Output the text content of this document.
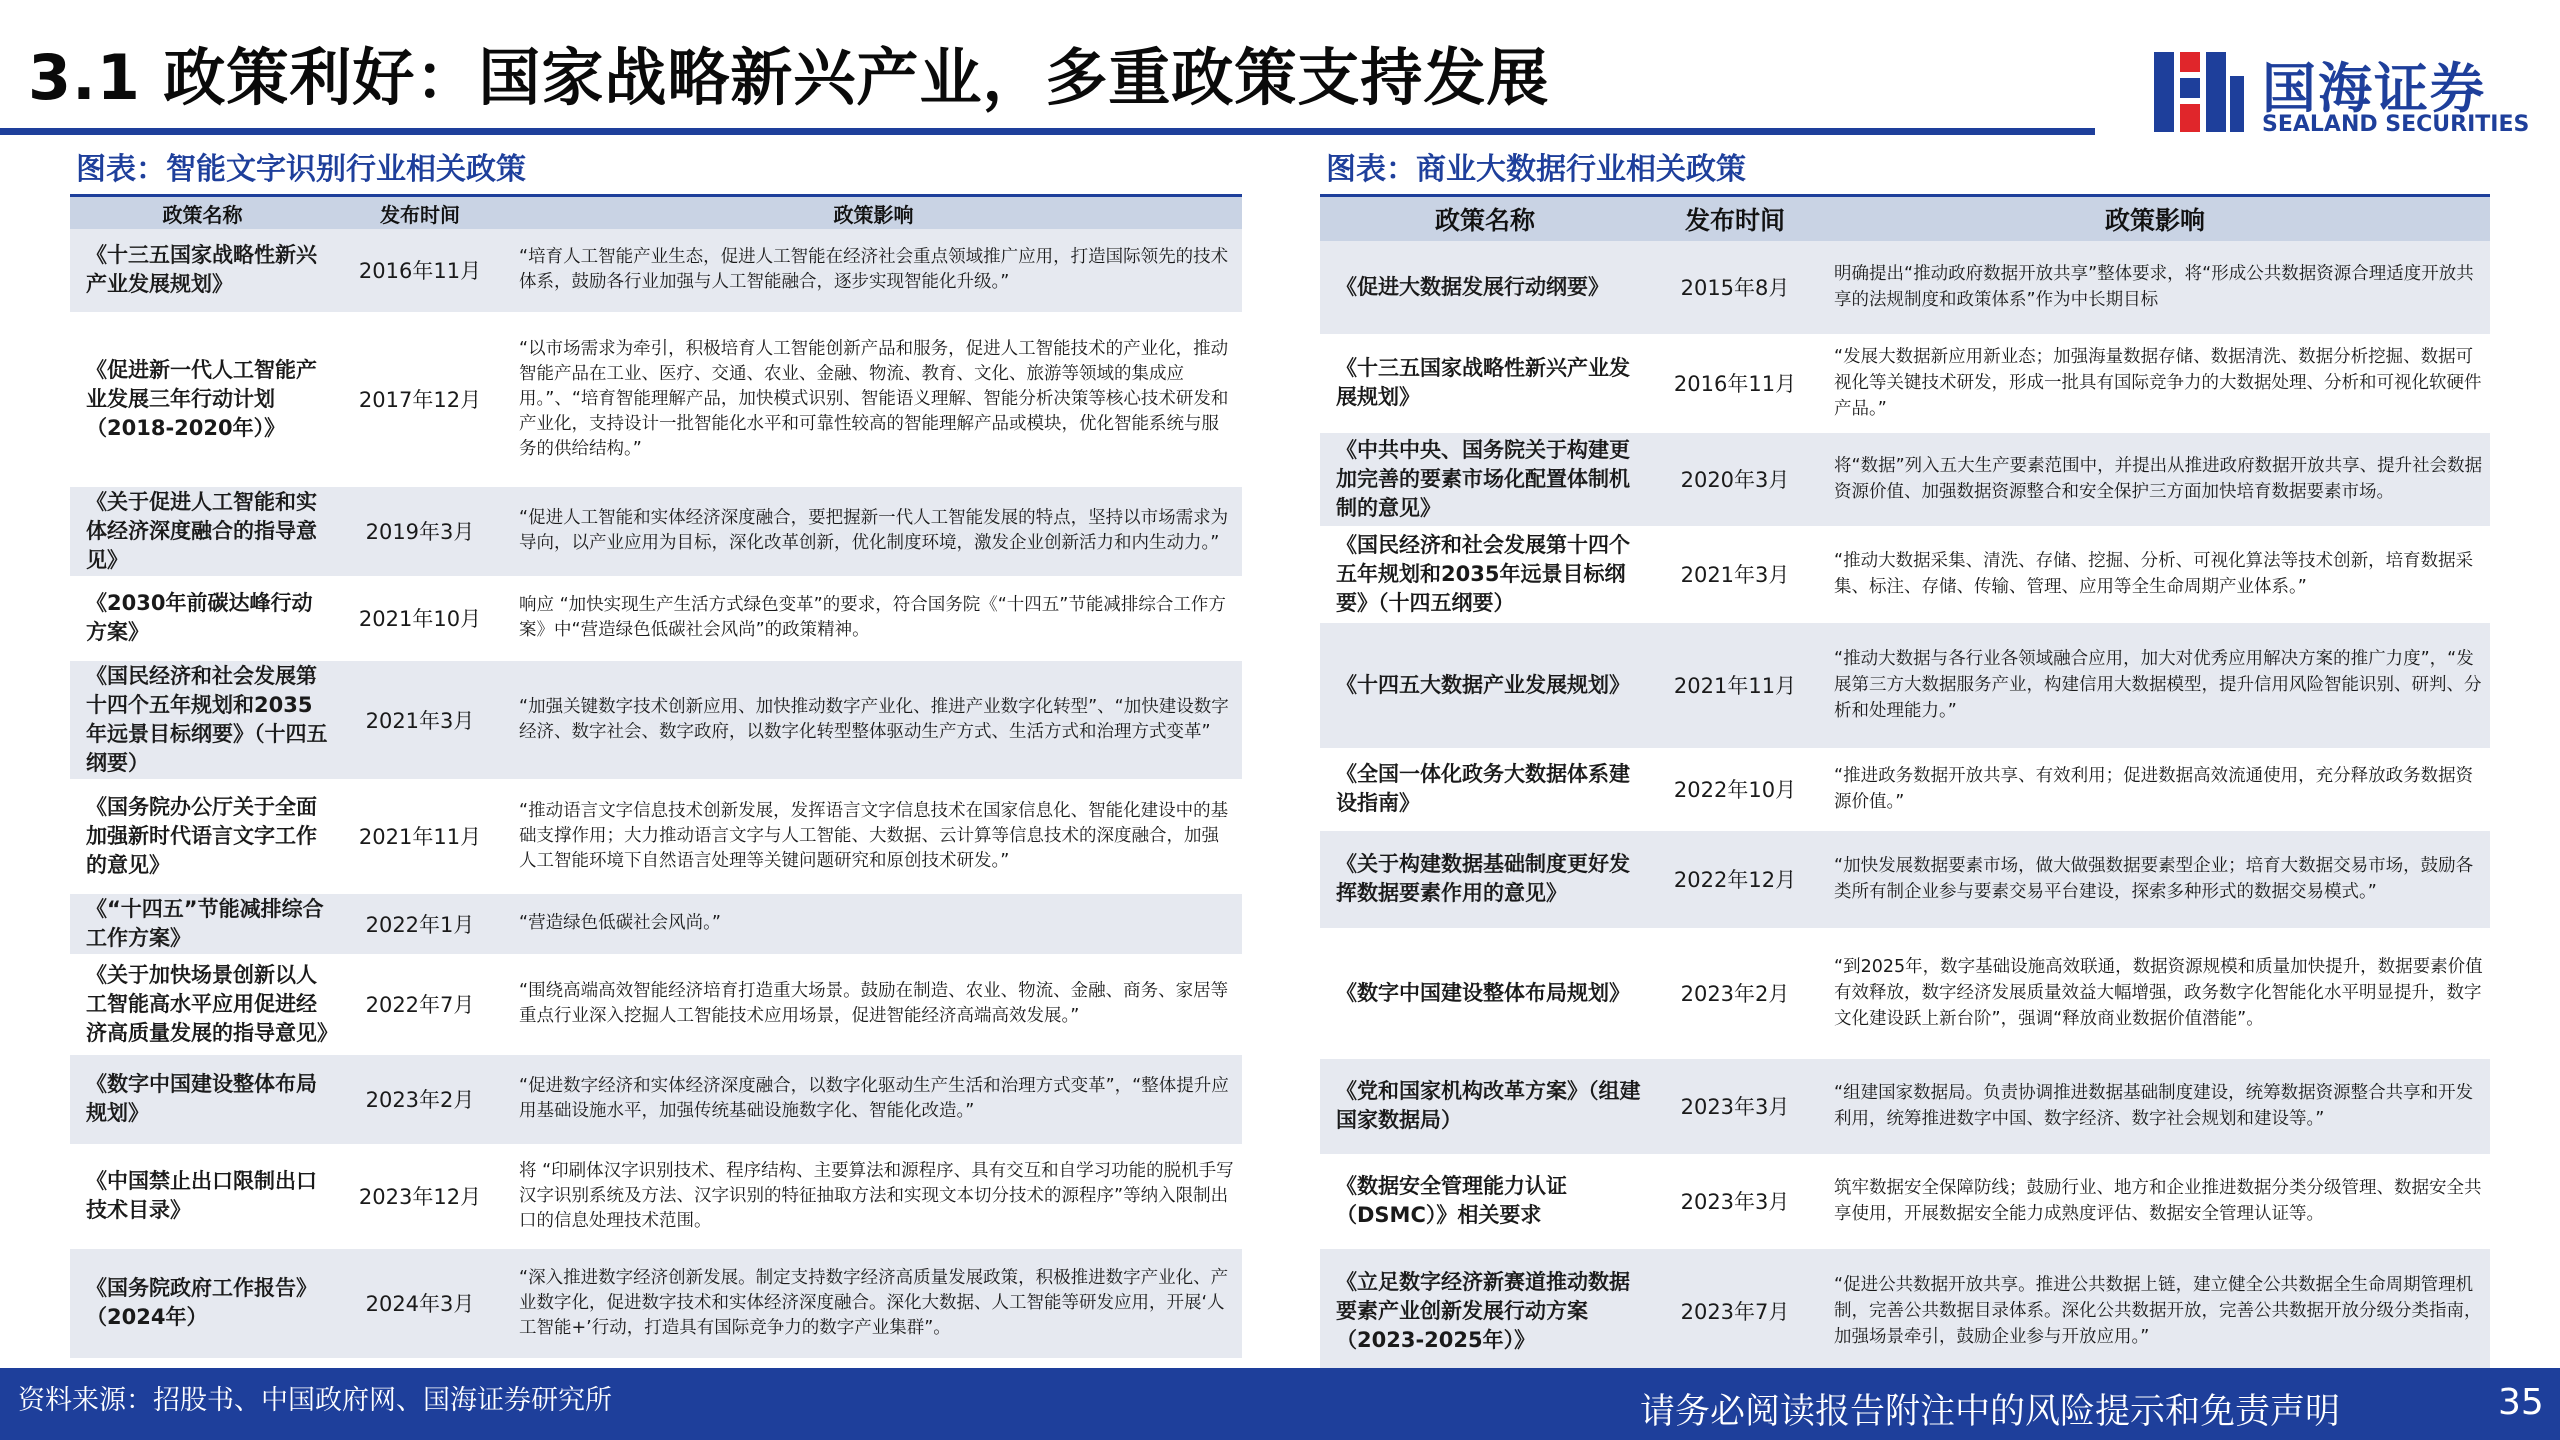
3.1 政策利好：国家战略新兴产业，多重政策支持发展	国海证券
SEALAND SECURITIES
图表：智能文字识别行业相关政策
政策名称	发布时间	政策影响
《十三五国家战略性新兴产业发展规划》	2016年11月	“培育人工智能产业生态，促进人工智能在经济社会重点领域推广应用，打造国际领先的技术体系，鼓励各行业加强与人工智能融合，逐步实现智能化升级。”
《促进新一代人工智能产业发展三年行动计划（2018-2020年）》	2017年12月	“以市场需求为牵引，积极培育人工智能创新产品和服务，促进人工智能技术的产业化，推动智能产品在工业、医疗、交通、农业、金融、物流、教育、文化、旅游等领域的集成应用。”、“培育智能理解产品，加快模式识别、智能语义理解、智能分析决策等核心技术研发和产业化，支持设计一批智能化水平和可靠性较高的智能理解产品或模块，优化智能系统与服务的供给结构。”
《关于促进人工智能和实体经济深度融合的指导意见》	2019年3月	“促进人工智能和实体经济深度融合，要把握新一代人工智能发展的特点，坚持以市场需求为导向，以产业应用为目标，深化改革创新，优化制度环境，激发企业创新活力和内生动力。”
《2030年前碳达峰行动方案》	2021年10月	响应 “加快实现生产生活方式绿色变革”的要求，符合国务院《“十四五”节能减排综合工作方案》中“营造绿色低碳社会风尚”的政策精神。
《国民经济和社会发展第十四个五年规划和2035年远景目标纲要》（十四五纲要）	2021年3月	“加强关键数字技术创新应用、加快推动数字产业化、推进产业数字化转型”、“加快建设数字经济、数字社会、数字政府，以数字化转型整体驱动生产方式、生活方式和治理方式变革”
《国务院办公厅关于全面加强新时代语言文字工作的意见》	2021年11月	“推动语言文字信息技术创新发展，发挥语言文字信息技术在国家信息化、智能化建设中的基础支撑作用；大力推动语言文字与人工智能、大数据、云计算等信息技术的深度融合，加强人工智能环境下自然语言处理等关键问题研究和原创技术研发。”
《“十四五”节能减排综合工作方案》	2022年1月	“营造绿色低碳社会风尚。”
《关于加快场景创新以人工智能高水平应用促进经济高质量发展的指导意见》	2022年7月	“围绕高端高效智能经济培育打造重大场景。鼓励在制造、农业、物流、金融、商务、家居等重点行业深入挖掘人工智能技术应用场景，促进智能经济高端高效发展。”
《数字中国建设整体布局规划》	2023年2月	“促进数字经济和实体经济深度融合，以数字化驱动生产生活和治理方式变革”，“整体提升应用基础设施水平，加强传统基础设施数字化、智能化改造。”
《中国禁止出口限制出口技术目录》	2023年12月	将 “印刷体汉字识别技术、程序结构、主要算法和源程序、具有交互和自学习功能的脱机手写汉字识别系统及方法、汉字识别的特征抽取方法和实现文本切分技术的源程序”等纳入限制出口的信息处理技术范围。
《国务院政府工作报告》（2024年）	2024年3月	“深入推进数字经济创新发展。制定支持数字经济高质量发展政策，积极推进数字产业化、产业数字化，促进数字技术和实体经济深度融合。深化大数据、人工智能等研发应用，开展‘人工智能+’行动，打造具有国际竞争力的数字产业集群”。
图表：商业大数据行业相关政策
政策名称	发布时间	政策影响
《促进大数据发展行动纲要》	2015年8月	明确提出“推动政府数据开放共享”整体要求，将“形成公共数据资源合理适度开放共享的法规制度和政策体系”作为中长期目标
《十三五国家战略性新兴产业发展规划》	2016年11月	“发展大数据新应用新业态；加强海量数据存储、数据清洗、数据分析挖掘、数据可视化等关键技术研发，形成一批具有国际竞争力的大数据处理、分析和可视化软硬件产品。”
《中共中央、国务院关于构建更加完善的要素市场化配置体制机制的意见》	2020年3月	将“数据”列入五大生产要素范围中，并提出从推进政府数据开放共享、提升社会数据资源价值、加强数据资源整合和安全保护三方面加快培育数据要素市场。
《国民经济和社会发展第十四个五年规划和2035年远景目标纲要》（十四五纲要）	2021年3月	“推动大数据采集、清洗、存储、挖掘、分析、可视化算法等技术创新，培育数据采集、标注、存储、传输、管理、应用等全生命周期产业体系。”
《十四五大数据产业发展规划》	2021年11月	“推动大数据与各行业各领域融合应用，加大对优秀应用解决方案的推广力度”，“发展第三方大数据服务产业，构建信用大数据模型，提升信用风险智能识别、研判、分析和处理能力。”
《全国一体化政务大数据体系建设指南》	2022年10月	“推进政务数据开放共享、有效利用；促进数据高效流通使用，充分释放政务数据资源价值。”
《关于构建数据基础制度更好发挥数据要素作用的意见》	2022年12月	“加快发展数据要素市场，做大做强数据要素型企业；培育大数据交易市场，鼓励各类所有制企业参与要素交易平台建设，探索多种形式的数据交易模式。”
《数字中国建设整体布局规划》	2023年2月	“到2025年，数字基础设施高效联通，数据资源规模和质量加快提升，数据要素价值有效释放，数字经济发展质量效益大幅增强，政务数字化智能化水平明显提升，数字文化建设跃上新台阶”，强调“释放商业数据价值潜能”。
《党和国家机构改革方案》（组建国家数据局）	2023年3月	“组建国家数据局。负责协调推进数据基础制度建设，统筹数据资源整合共享和开发利用，统筹推进数字中国、数字经济、数字社会规划和建设等。”
《数据安全管理能力认证（DSMC）》相关要求	2023年3月	筑牢数据安全保障防线；鼓励行业、地方和企业推进数据分类分级管理、数据安全共享使用，开展数据安全能力成熟度评估、数据安全管理认证等。
《立足数字经济新赛道推动数据要素产业创新发展行动方案（2023-2025年）》	2023年7月	“促进公共数据开放共享。推进公共数据上链，建立健全公共数据全生命周期管理机制，完善公共数据目录体系。深化公共数据开放，完善公共数据开放分级分类指南，加强场景牵引，鼓励企业参与开放应用。”
资料来源：招股书、中国政府网、国海证券研究所	请务必阅读报告附注中的风险提示和免责声明	35
